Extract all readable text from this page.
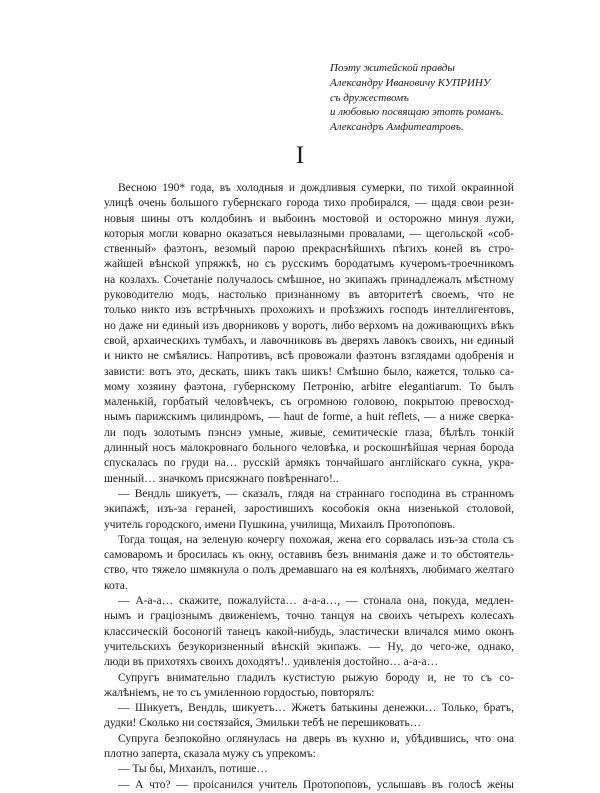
Поэту житейской правды
Александру Ивановичу КУПРИНУ
съ дружествомъ
и любовью посвящаю этотъ романъ.
Александръ Амфитеатровъ.
I
Весною 190* года, въ холодныя и дождливыя сумерки, по тихой окраинной
улицѣ очень большого губернскаго города тихо пробирался, — щадя свои рези-
новыя шины отъ колдобинъ и выбоинъ мостовой и осторожно минуя лужи,
которыя могли коварно оказаться невылазными провалами, — щегольской «соб-
ственный» фаэтонъ, везомый парою прекраснѣйшихъ пѣгихъ коней въ стро-
жайшей вѣнской упряжкѣ, но съ русскимъ бородатымъ кучеромъ-троечникомъ
на козлахъ. Сочетаніе получалось смѣшное, но экипажъ принадлежалъ мѣстному
руководителю модъ, настолько признанному въ авторитетѣ своемъ, что не
только никто изъ встрѣчныхъ прохожихъ и проѣзжихъ господъ интеллигентовъ,
но даже ни единый изъ дворниковъ у воротъ, либо верхомъ на доживающихъ вѣкъ
свой, архаическихъ тумбахъ, и лавочниковъ въ дверяхъ лавокъ своихъ, ни единый
и никто не смѣялись. Напротивъ, всѣ провожали фаэтонъ взглядами одобренія и
зависти: вотъ это, дескать, шикъ такъ шикъ! Смѣшно было, кажется, только са-
мому хозяину фаэтона, губернскому Петронію, arbitre elegantiarum. То былъ
маленькій, горбатый человѣчекъ, съ огромною головою, покрытою превосход-
нымъ парижскимъ цилиндромъ, — haut de forme, a huit reflets, — а ниже сверка-
ли подъ золотымъ пэнснэ умные, живые, семитическіе глаза, бѣлѣлъ тонкій
длинный носъ малокровнаго больного человѣка, и роскошнѣйшая черная борода
спускалась по груди на… русскій армякъ тончайшаго англійскаго сукна, укра-
шенный… значкомъ присяжнаго повѣреннаго!..
— Вендль шикуетъ, — сказалъ, глядя на страннаго господина въ странномъ
экипажѣ, изъ-за гераней, заростившихъ кособокія окна низенькой столовой,
учитель городского, имени Пушкина, училища, Михаилъ Протопоповъ.
Тогда тощая, на зеленую кочергу похожая, жена его сорвалась изъ-за стола съ
самоваромъ и бросилась къ окну, оставивъ безъ вниманія даже и то обстоятель-
ство, что тяжело шмякнула о полъ дремавшаго на ея колѣняхъ, любимаго желтаго
кота.
— А-а-а… скажите, пожалуйста… а-а-а…, — стонала она, покуда, медлен-
нымъ и граціознымъ движеніемъ, точно танцуя на своихъ четырехъ колесахъ
классическій босоногій танецъ какой-нибудь, эластически вличался мимо оконъ
учительскихъ безукоризненный вѣнскій экипажъ. — Ну, до чего-же, однако,
люди въ прихотяхъ своихъ доходятъ!.. удивленія достойно… а-а-а…
Супругъ внимательно гладилъ кустистую рыжую бороду и, не то съ со-
жалѣніемъ, не то съ умиленною гордостью, повторялъ:
— Шикуетъ, Вендль, шикуетъ… Жжетъ батькины денежки… Только, братъ,
дудки! Сколько ни состязайся, Эмильки тебѣ не перешиковать…
Супруга безпокойно оглянулась на дверь въ кухню и, убѣдившись, что она
плотно заперта, сказала мужу съ упрекомъ:
— Ты бы, Михаилъ, потише…
— А что? — проісанился учитель Протопоповъ, услышавъ въ голосѣ жены
